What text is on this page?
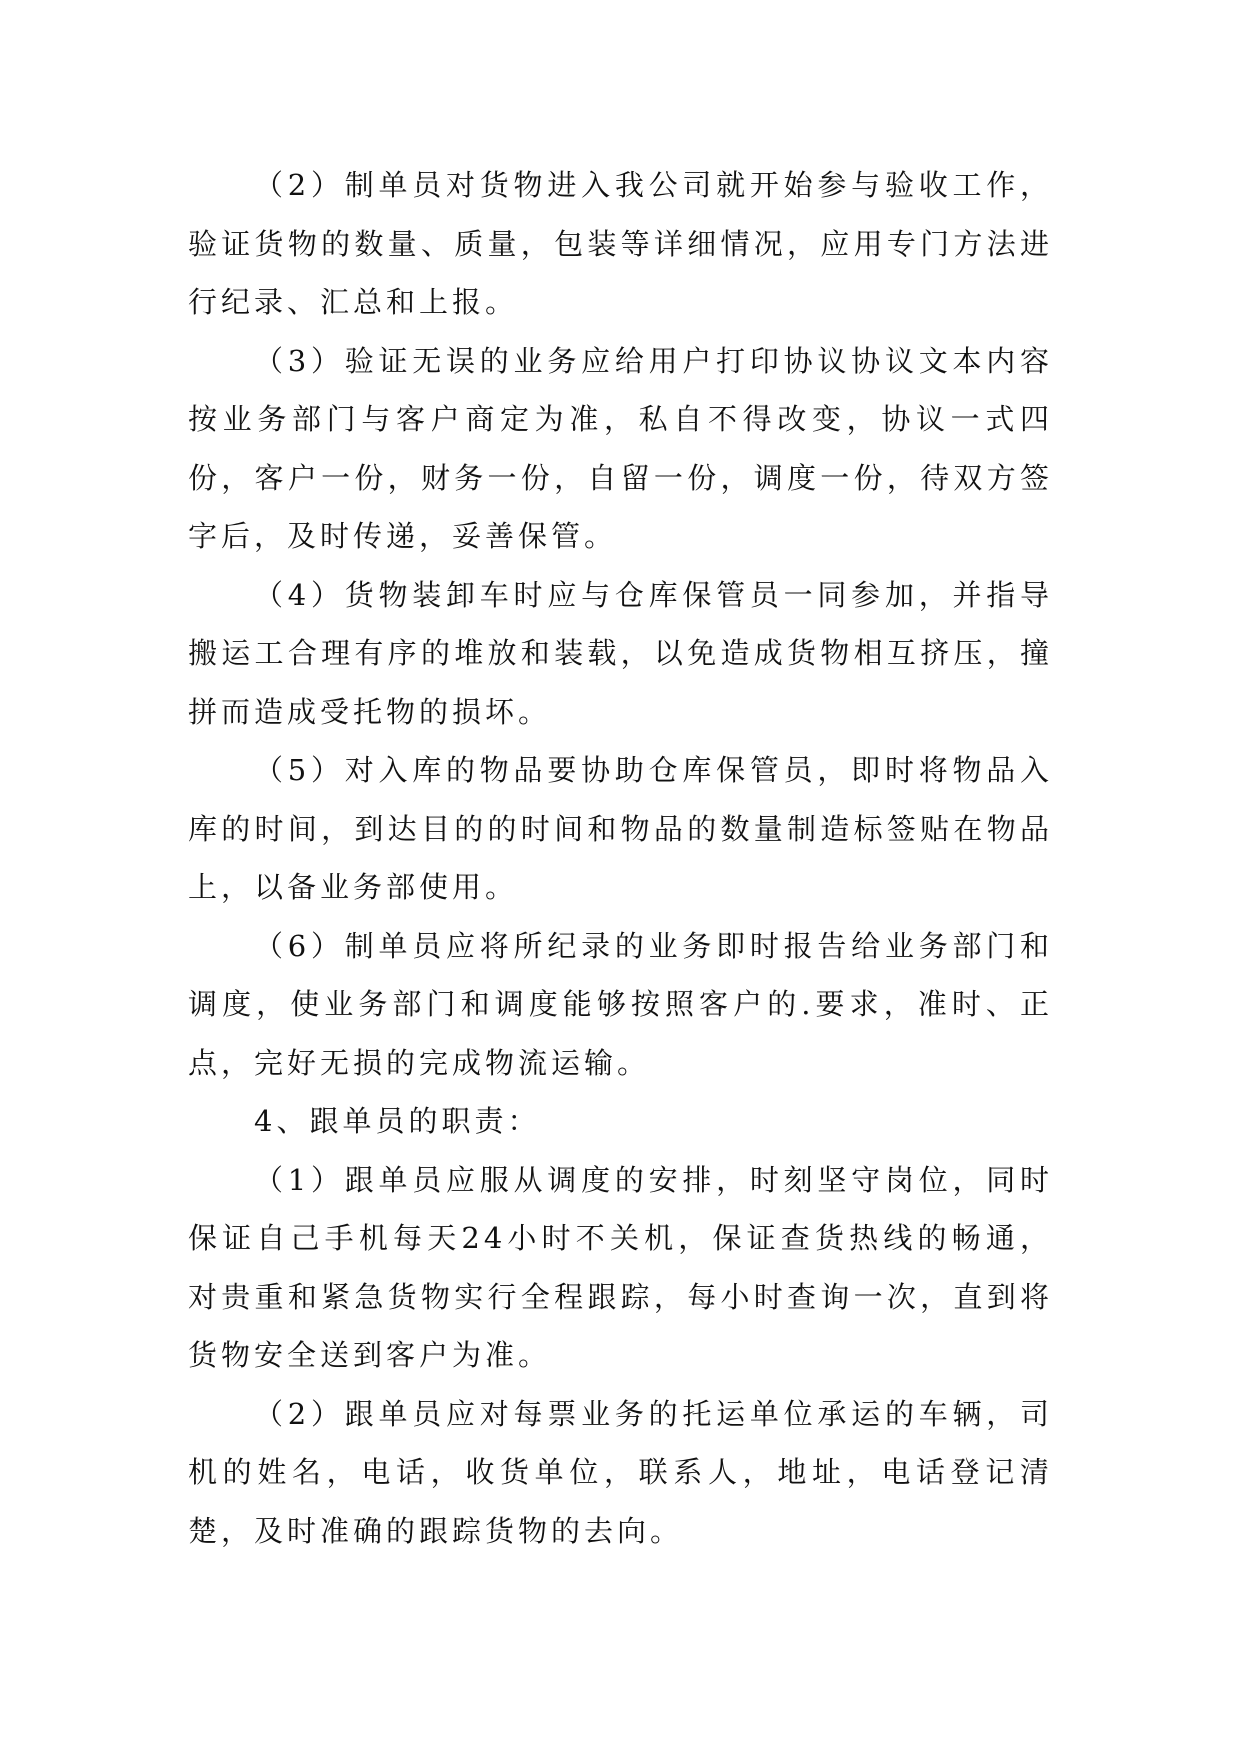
（2）制单员对货物进入我公司就开始参与验收工作，验证货物的数量、质量，包装等详细情况，应用专门方法进行纪录、汇总和上报。

（3）验证无误的业务应给用户打印协议协议文本内容按业务部门与客户商定为准，私自不得改变，协议一式四份，客户一份，财务一份，自留一份，调度一份，待双方签字后，及时传递，妥善保管。

（4）货物装卸车时应与仓库保管员一同参加，并指导搬运工合理有序的堆放和装载，以免造成货物相互挤压，撞拼而造成受托物的损坏。

（5）对入库的物品要协助仓库保管员，即时将物品入库的时间，到达目的的时间和物品的数量制造标签贴在物品上，以备业务部使用。

（6）制单员应将所纪录的业务即时报告给业务部门和调度，使业务部门和调度能够按照客户的.要求，准时、正点，完好无损的完成物流运输。

4、跟单员的职责：

（1）跟单员应服从调度的安排，时刻坚守岗位，同时保证自己手机每天24小时不关机，保证查货热线的畅通，对贵重和紧急货物实行全程跟踪，每小时查询一次，直到将货物安全送到客户为准。

（2）跟单员应对每票业务的托运单位承运的车辆，司机的姓名，电话，收货单位，联系人，地址，电话登记清楚，及时准确的跟踪货物的去向。
